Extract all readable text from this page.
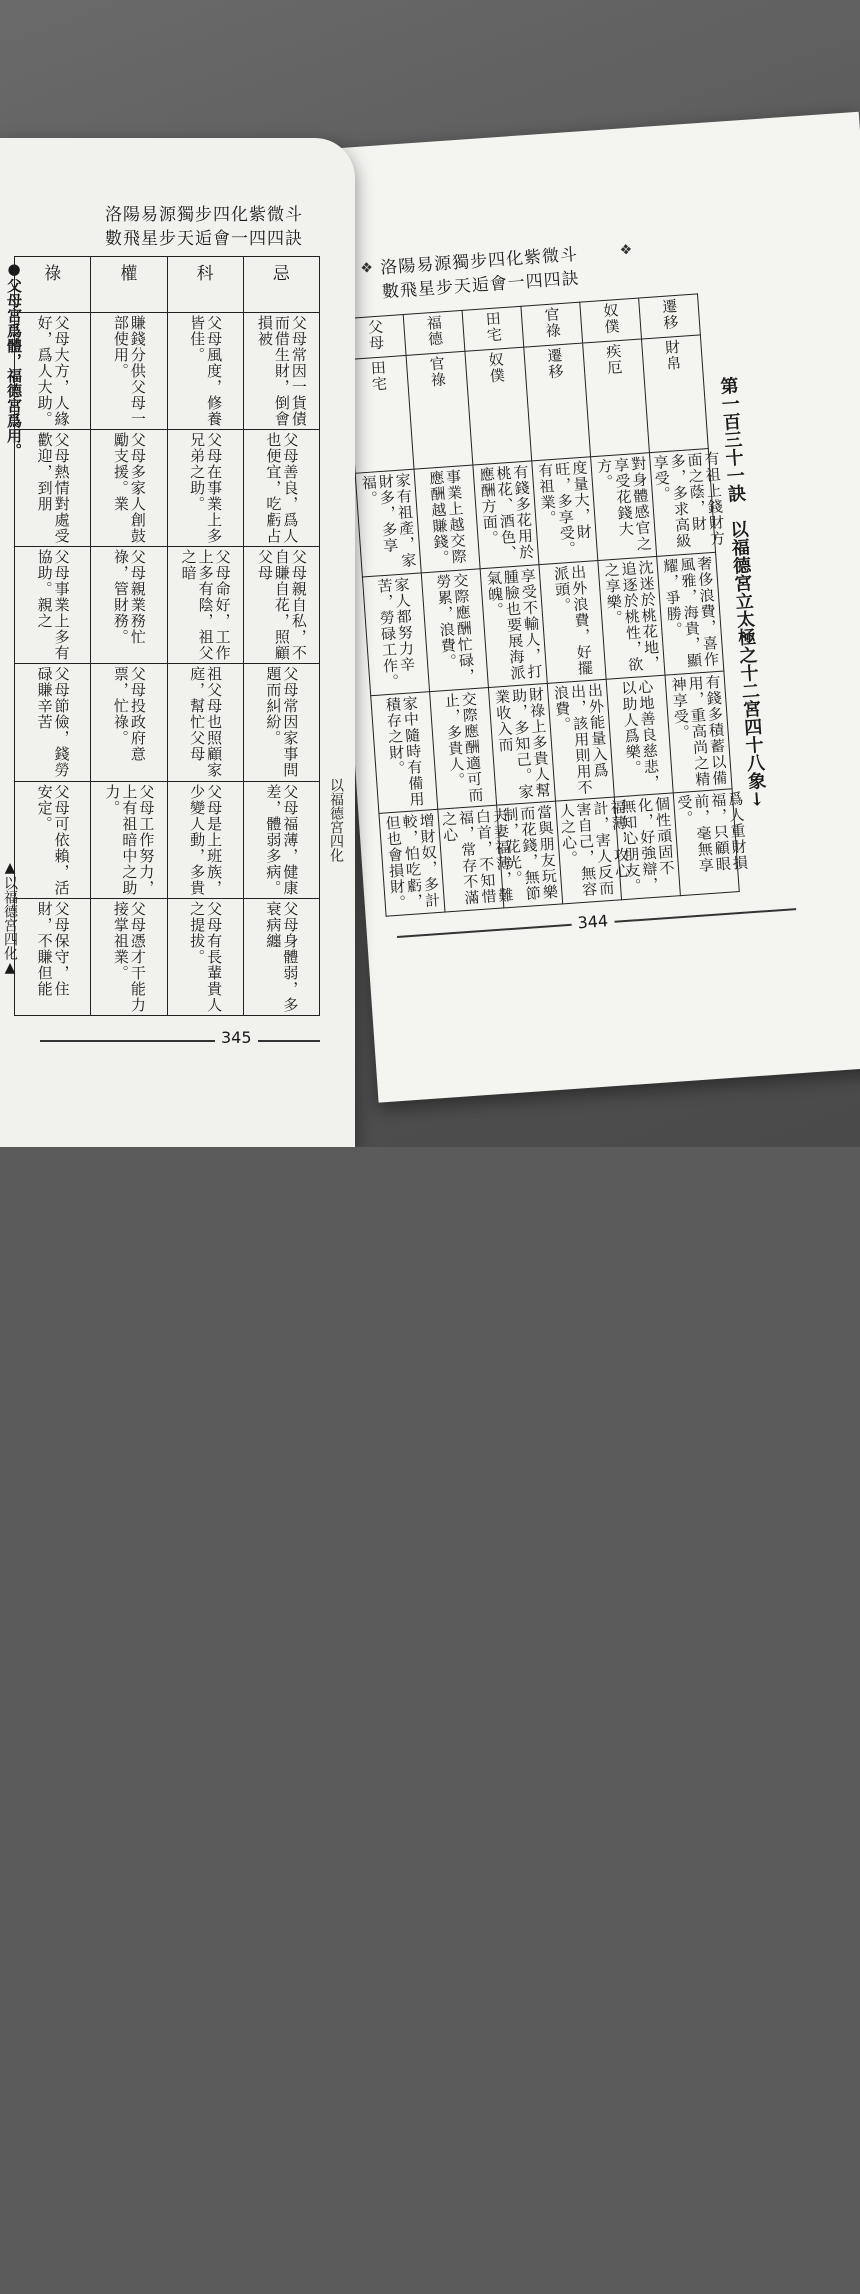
洛陽易源獨步四化紫微斗
數飛星步天逅會一四四訣
❖
❖
第一百三十一訣　以福德宮立太極之十二宮四十八象↓
父母	福德	田宅	官祿	奴僕	遷移

田宅	官祿	奴僕	遷移	疾厄	財帛

家有祖產，家財多，多享福。	事業上越交際應酬越賺錢。	有錢多花用於桃花、酒色、應酬方面。	度量大，財旺，多享受。有祖業。	對身體感官之享受花錢大方。	有祖上錢財方面之蔭，財多，多求高級享受。

家人都努力辛苦，勞碌工作。	交際應酬忙碌，勞累，浪費。	享受不輸人，打腫臉也要展海派氣魄。	出外浪費，好擺派頭。	沈迷於桃花地，追逐於桃性，欲之享樂。	奢侈浪費，喜作風雅，海貴，顯耀，爭勝。

家中隨時有備用積存之財。	交際應酬適可而止，多貴人。	財祿上多貴人幫助，多知己。家業收入而	出外能量入爲出，該用則用不浪費。	心地善良慈悲，以助人爲樂。	有錢多積蓄以備用，重高尚之精神享受。

增財奴，多計較，怕吃虧，但也會損財。	夫妻福薄，難白首，不知惜福，常存不滿之心	當與朋友玩樂而花錢，無節制，花光。	福薄，攻心計，害人反而害自己，無容人之心。	個性頑固不化，好強辯，無知心朋友。	爲人重財損福，只顧眼前，毫無享受。
344
洛陽易源獨步四化紫微斗
數飛星步天逅會一四四訣
●父母宮爲體，福德宮爲用。 祿	權	科	忌

父母大方，人緣好，爲人大助。	賺錢分供父母一部使用。	父母風度，修養皆佳。	父母常因一貨債而借生財，倒會損被

父母熱情對處受歡迎，到朋	父母多家人創鼓勵支援。業	父母在事業上多兄弟之助。	父母善良，爲人也便宜，吃虧占

父母事業上多有協助。親之	父母親業務忙祿，管財務。	父母命好，工作上多有陰，祖父之暗	父母親自私，不自賺自花，照顧父母

父母節儉，錢勞碌賺辛苦	父母投政府意票，忙祿。	祖父母也照顧家庭，幫忙父母	父母常因家事問題而糾紛。

父母可依賴，活安定。	父母工作努力，上有祖暗中之助力。	父母是上班族，少變人動，多貴	父母福薄，健康差，體弱多病。

父母保守，住財，不賺但能	父母憑才干能力接掌祖業。	父母有長輩貴人之提拔。	父母身體弱，多衰病纏
以福德宮四化
▲以福德宮四化▲
345
